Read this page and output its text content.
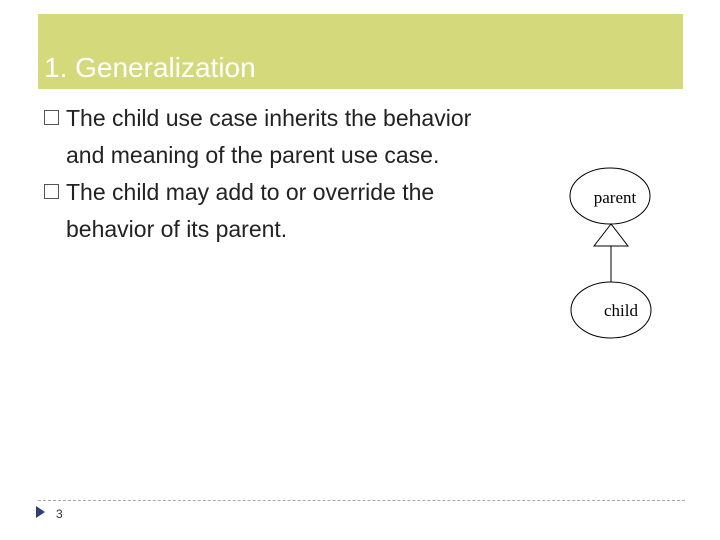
1. Generalization
The child use case inherits the behavior and meaning of the parent use case.
The child may add to or override the behavior of its parent.
parent
child
3
